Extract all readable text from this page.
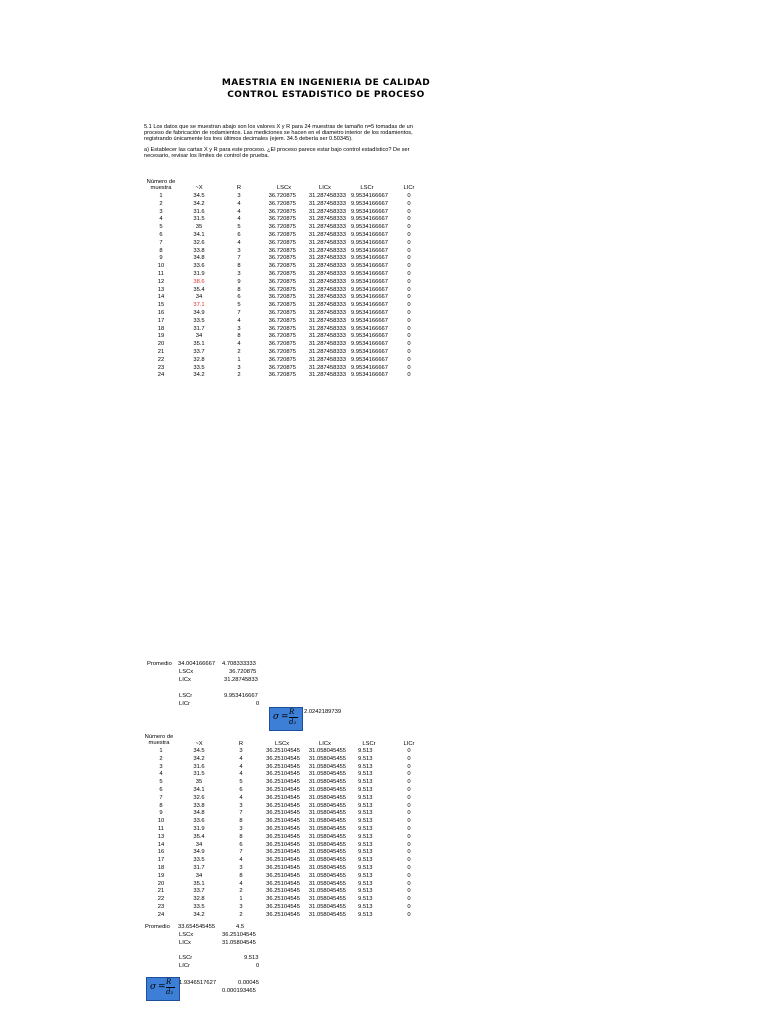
MAESTRIA EN INGENIERIA DE CALIDAD
CONTROL ESTADISTICO DE PROCESO
5.1 Los datos que se muestran abajo son los valores X y R para 24 muestras de tamaño n=5 tomadas de un proceso de fabricación de rodamientos. Las mediciones se hacen en el diametro interior de los rodamientos, registrando únicamente los tres últimos decimales (ejem. 34.5 debería ser 0.50345).
a) Establecer las cartas X y R para este proceso. ¿El proceso parece estar bajo control estadístico? De ser necesario, revisar los límites de control de prueba.
Número de muestra	~X	R	LSCx	LICx	LSCr	LICr
1	34.5	3	36.720875	31.287458333 9.9534166667	0
2	34.2	4	36.720875	31.287458333 9.9534166667	0
3	31.6	4	36.720875	31.287458333 9.9534166667	0
4	31.5	4	36.720875	31.287458333 9.9534166667	0
5	35	5	36.720875	31.287458333 9.9534166667	0
6	34.1	6	36.720875	31.287458333 9.9534166667	0
7	32.6	4	36.720875	31.287458333 9.9534166667	0
8	33.8	3	36.720875	31.287458333 9.9534166667	0
9	34.8	7	36.720875	31.287458333 9.9534166667	0
10	33.6	8	36.720875	31.287458333 9.9534166667	0
11	31.9	3	36.720875	31.287458333 9.9534166667	0
12	38.6	9	36.720875	31.287458333 9.9534166667	0
13	35.4	8	36.720875	31.287458333 9.9534166667	0
14	34	6	36.720875	31.287458333 9.9534166667	0
15	37.1	5	36.720875	31.287458333 9.9534166667	0
16	34.9	7	36.720875	31.287458333 9.9534166667	0
17	33.5	4	36.720875	31.287458333 9.9534166667	0
18	31.7	3	36.720875	31.287458333 9.9534166667	0
19	34	8	36.720875	31.287458333 9.9534166667	0
20	35.1	4	36.720875	31.287458333 9.9534166667	0
21	33.7	2	36.720875	31.287458333 9.9534166667	0
22	32.8	1	36.720875	31.287458333 9.9534166667	0
23	33.5	3	36.720875	31.287458333 9.9534166667	0
24	34.2	2	36.720875	31.287458333 9.9534166667	0
Promedio 34.004166667 4.708333333
LSCx	36.720875
LICx	31.28745833
LSCr	9.953416667
LICr	0
σ = R
d₂
2.0242189739
Número de muestra	~X	R	LSCx	LICx	LSCr	LICr
1	34.5	3	36.25104545	31.058045455 9.513	0
2	34.2	4	36.25104545	31.058045455 9.513	0
3	31.6	4	36.25104545	31.058045455 9.513	0
4	31.5	4	36.25104545	31.058045455 9.513	0
5	35	5	36.25104545	31.058045455 9.513	0
6	34.1	6	36.25104545	31.058045455 9.513	0
7	32.6	4	36.25104545	31.058045455 9.513	0
8	33.8	3	36.25104545	31.058045455 9.513	0
9	34.8	7	36.25104545	31.058045455 9.513	0
10	33.6	8	36.25104545	31.058045455 9.513	0
11	31.9	3	36.25104545	31.058045455 9.513	0
13	35.4	8	36.25104545	31.058045455 9.513	0
14	34	6	36.25104545	31.058045455 9.513	0
16	34.9	7	36.25104545	31.058045455 9.513	0
17	33.5	4	36.25104545	31.058045455 9.513	0
18	31.7	3	36.25104545	31.058045455 9.513	0
19	34	8	36.25104545	31.058045455 9.513	0
20	35.1	4	36.25104545	31.058045455 9.513	0
21	33.7	2	36.25104545	31.058045455 9.513	0
22	32.8	1	36.25104545	31.058045455 9.513	0
23	33.5	3	36.25104545	31.058045455 9.513	0
24	34.2	2	36.25104545	31.058045455 9.513	0
Promedio 33.654545455	4.5
LSCx	36.25104545
LICx	31.05804545
LSCr	9.513
LICr	0
σ = R
d₂
1.9346517627	0.00045
0.000193465
